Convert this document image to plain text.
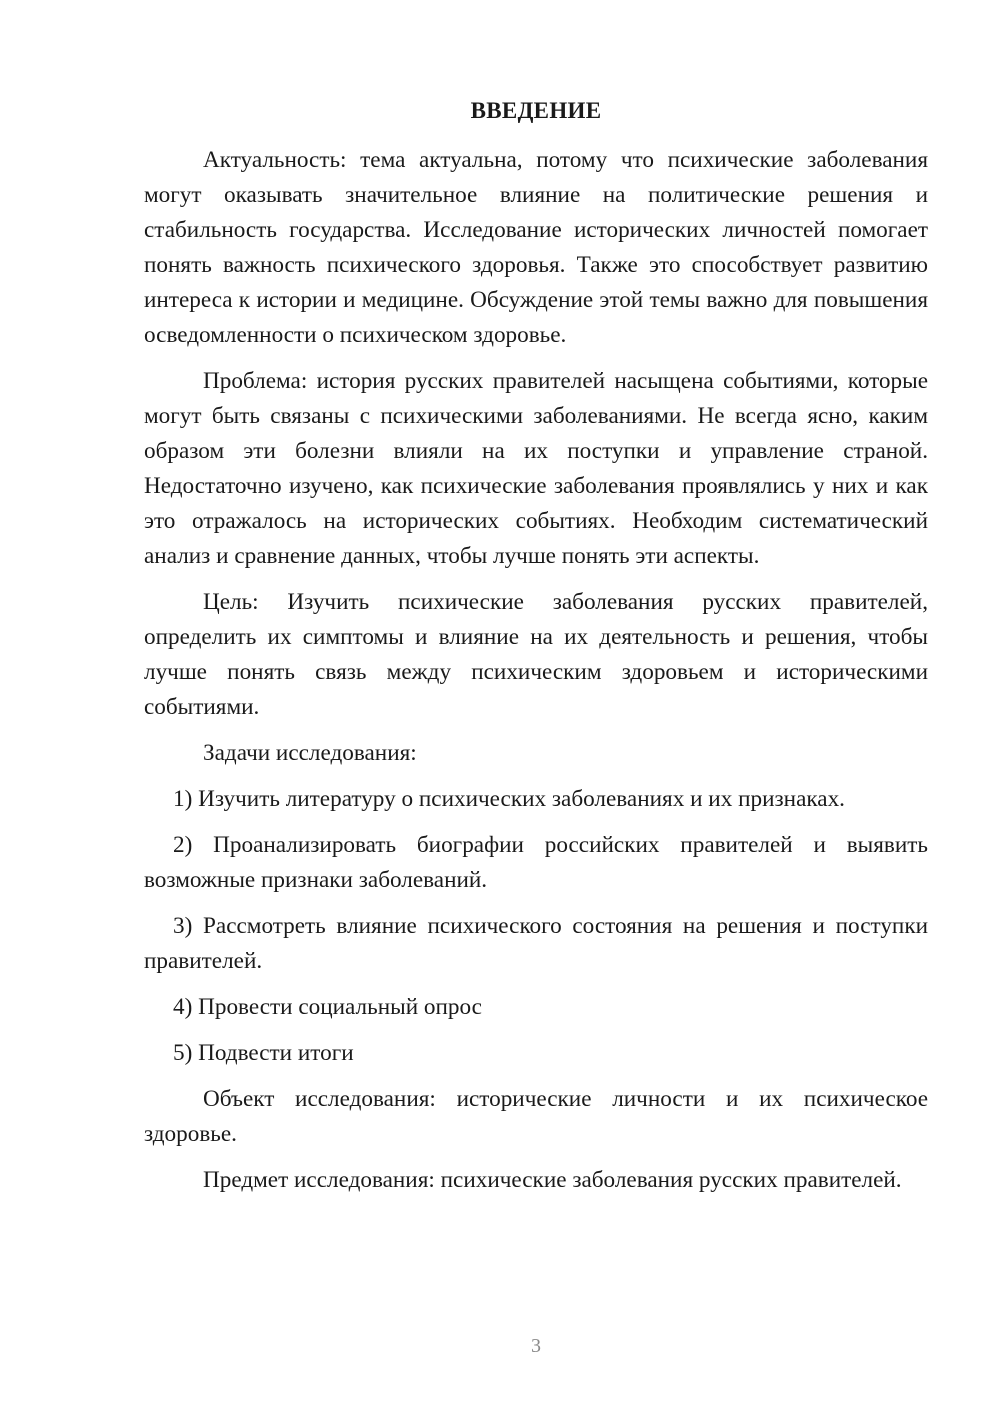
ВВЕДЕНИЕ

Актуальность: тема актуальна, потому что психические заболевания могут оказывать значительное влияние на политические решения и стабильность государства. Исследование исторических личностей помогает понять важность психического здоровья. Также это способствует развитию интереса к истории и медицине. Обсуждение этой темы важно для повышения осведомленности о психическом здоровье.

Проблема: история русских правителей насыщена событиями, которые могут быть связаны с психическими заболеваниями. Не всегда ясно, каким образом эти болезни влияли на их поступки и управление страной. Недостаточно изучено, как психические заболевания проявлялись у них и как это отражалось на исторических событиях. Необходим систематический анализ и сравнение данных, чтобы лучше понять эти аспекты.

Цель: Изучить психические заболевания русских правителей, определить их симптомы и влияние на их деятельность и решения, чтобы лучше понять связь между психическим здоровьем и историческими событиями.

Задачи исследования:

1) Изучить литературу о психических заболеваниях и их признаках.

2) Проанализировать биографии российских правителей и выявить возможные признаки заболеваний.

3) Рассмотреть влияние психического состояния на решения и поступки правителей.

4) Провести социальный опрос

5) Подвести итоги

Объект исследования: исторические личности и их психическое здоровье.

Предмет исследования: психические заболевания русских правителей.

3
